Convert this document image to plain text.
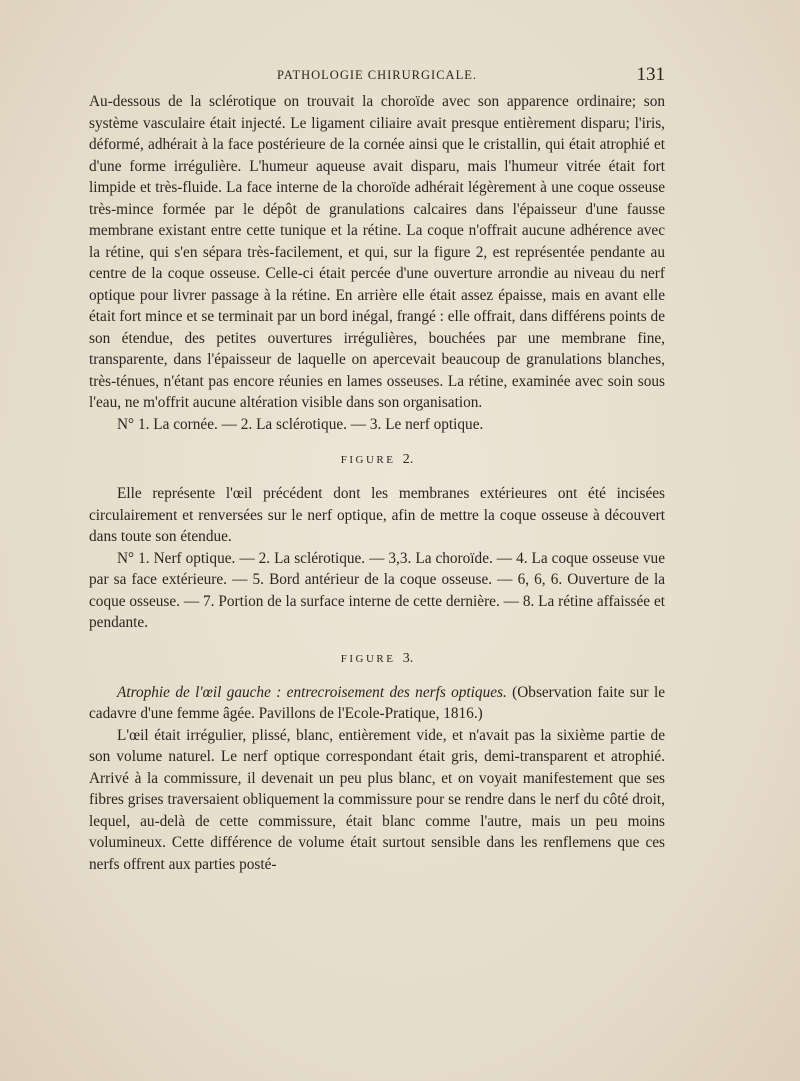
PATHOLOGIE CHIRURGICALE.	131

Au-dessous de la sclérotique on trouvait la choroïde avec son apparence ordinaire; son système vasculaire était injecté. Le ligament ciliaire avait presque entièrement disparu; l'iris, déformé, adhérait à la face postérieure de la cornée ainsi que le cristallin, qui était atrophié et d'une forme irrégulière. L'humeur aqueuse avait disparu, mais l'humeur vitrée était fort limpide et très-fluide. La face interne de la choroïde adhérait légèrement à une coque osseuse très-mince formée par le dépôt de granulations calcaires dans l'épaisseur d'une fausse membrane existant entre cette tunique et la rétine. La coque n'offrait aucune adhérence avec la rétine, qui s'en sépara très-facilement, et qui, sur la figure 2, est représentée pendante au centre de la coque osseuse. Celle-ci était percée d'une ouverture arrondie au niveau du nerf optique pour livrer passage à la rétine. En arrière elle était assez épaisse, mais en avant elle était fort mince et se terminait par un bord inégal, frangé : elle offrait, dans différens points de son étendue, des petites ouvertures irrégulières, bouchées par une membrane fine, transparente, dans l'épaisseur de laquelle on apercevait beaucoup de granulations blanches, très-ténues, n'étant pas encore réunies en lames osseuses. La rétine, examinée avec soin sous l'eau, ne m'offrit aucune altération visible dans son organisation.

N° 1. La cornée. — 2. La sclérotique. — 3. Le nerf optique.

FIGURE 2.

Elle représente l'œil précédent dont les membranes extérieures ont été incisées circulairement et renversées sur le nerf optique, afin de mettre la coque osseuse à découvert dans toute son étendue.

N° 1. Nerf optique. — 2. La sclérotique. — 3,3. La choroïde. — 4. La coque osseuse vue par sa face extérieure. — 5. Bord antérieur de la coque osseuse. — 6, 6, 6. Ouverture de la coque osseuse. — 7. Portion de la surface interne de cette dernière. — 8. La rétine affaissée et pendante.

FIGURE 3.

Atrophie de l'œil gauche : entrecroisement des nerfs optiques. (Observation faite sur le cadavre d'une femme âgée. Pavillons de l'Ecole-Pratique, 1816.)

L'œil était irrégulier, plissé, blanc, entièrement vide, et n'avait pas la sixième partie de son volume naturel. Le nerf optique correspondant était gris, demi-transparent et atrophié. Arrivé à la commissure, il devenait un peu plus blanc, et on voyait manifestement que ses fibres grises traversaient obliquement la commissure pour se rendre dans le nerf du côté droit, lequel, au-delà de cette commissure, était blanc comme l'autre, mais un peu moins volumineux. Cette différence de volume était surtout sensible dans les renflemens que ces nerfs offrent aux parties posté-
